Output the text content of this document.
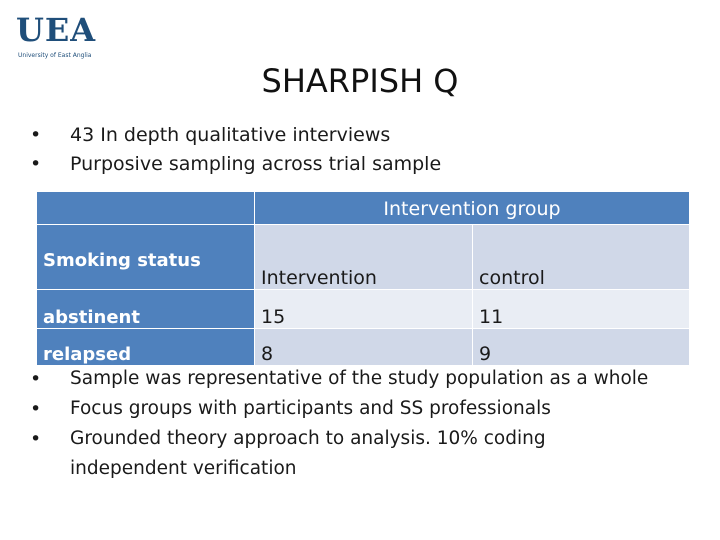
UEA
University of East Anglia
SHARPISH Q
• 43 In depth qualitative interviews
• Purposive sampling across trial sample
	Intervention group	
Smoking status	Intervention	control
abstinent	15	11
relapsed	8	9
• Sample was representative of the study population as a whole
• Focus groups with participants and SS professionals
• Grounded theory approach to analysis. 10% coding independent verification
